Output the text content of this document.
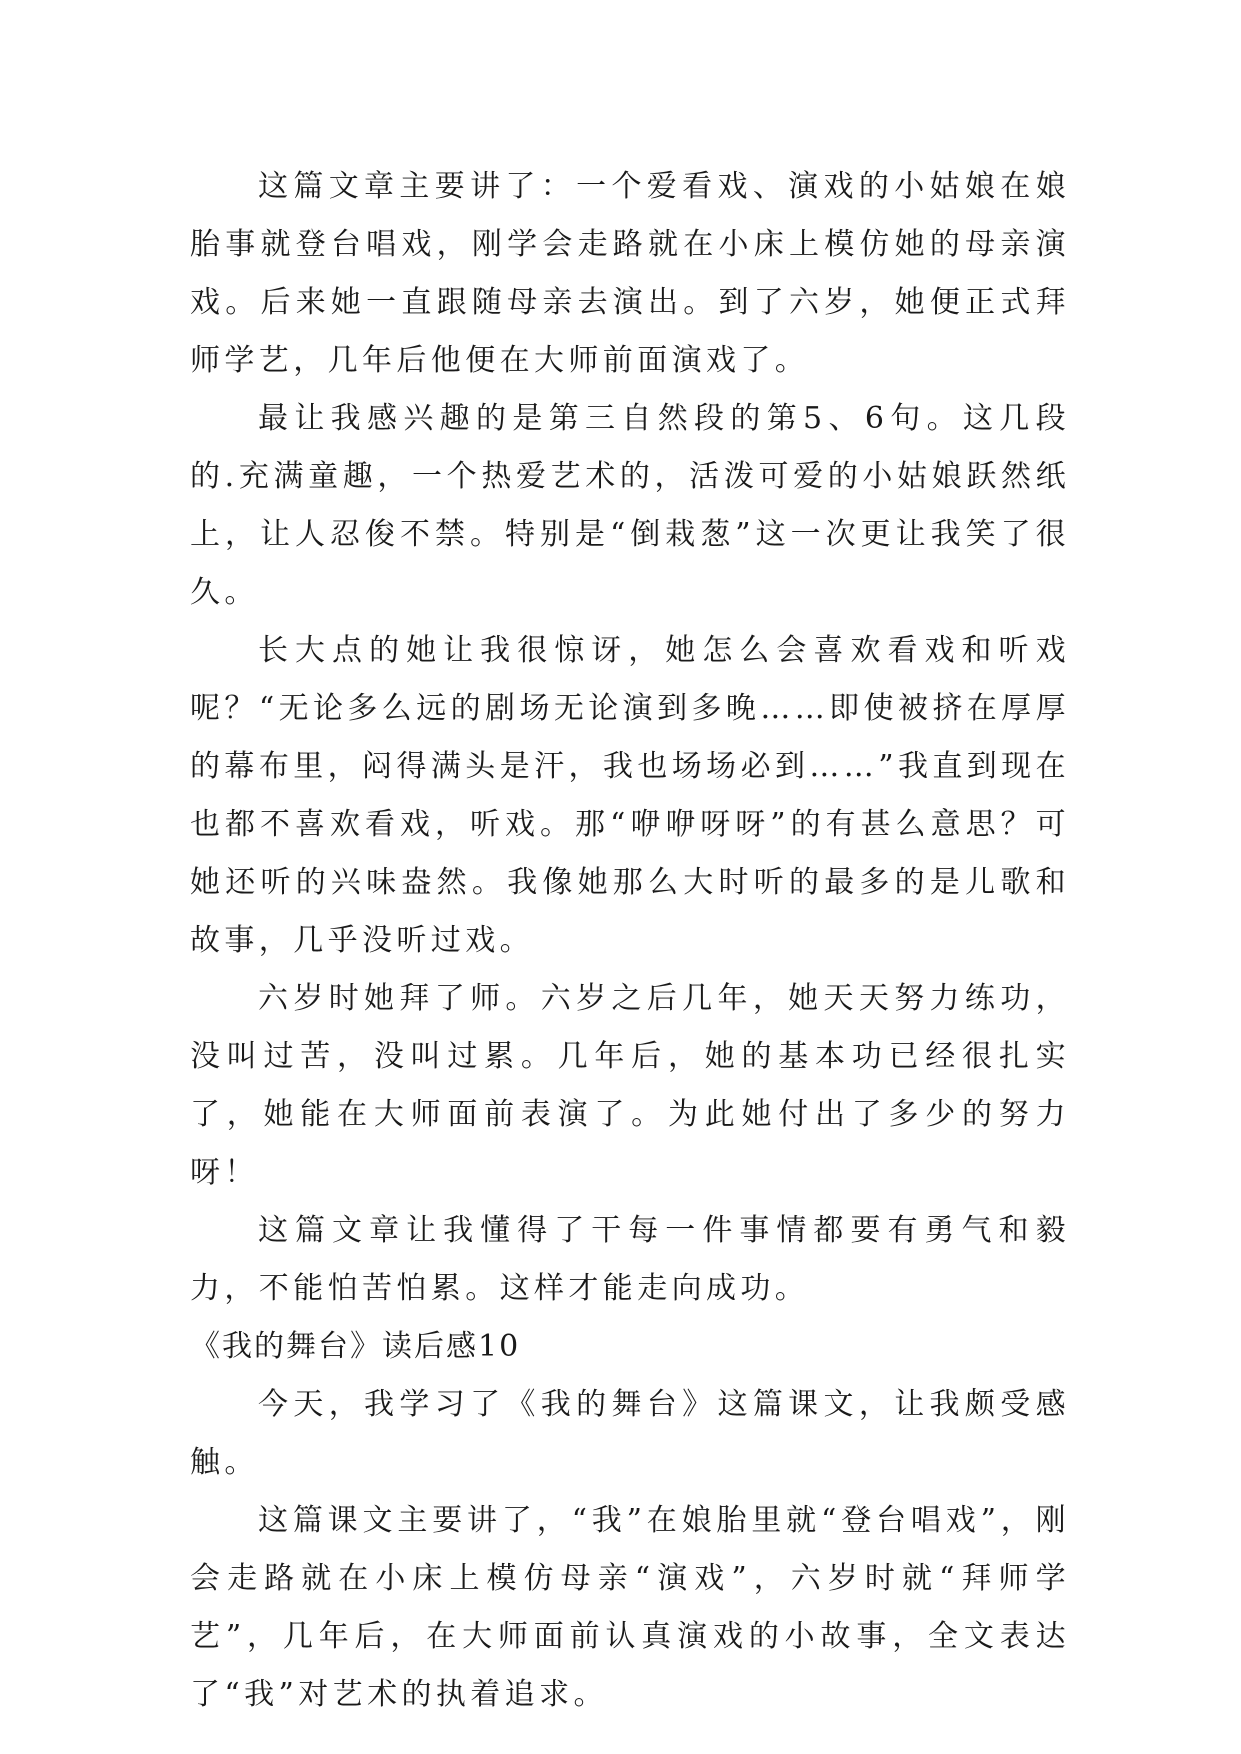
这篇文章主要讲了：一个爱看戏、演戏的小姑娘在娘胎事就登台唱戏，刚学会走路就在小床上模仿她的母亲演戏。后来她一直跟随母亲去演出。到了六岁，她便正式拜师学艺，几年后他便在大师前面演戏了。

最让我感兴趣的是第三自然段的第5、6句。这几段的.充满童趣，一个热爱艺术的，活泼可爱的小姑娘跃然纸上，让人忍俊不禁。特别是“倒栽葱”这一次更让我笑了很久。

长大点的她让我很惊讶，她怎么会喜欢看戏和听戏呢？“无论多么远的剧场无论演到多晚……即使被挤在厚厚的幕布里，闷得满头是汗，我也场场必到……”我直到现在也都不喜欢看戏，听戏。那“咿咿呀呀”的有甚么意思？可她还听的兴味盎然。我像她那么大时听的最多的是儿歌和故事，几乎没听过戏。

六岁时她拜了师。六岁之后几年，她天天努力练功，没叫过苦，没叫过累。几年后，她的基本功已经很扎实了，她能在大师面前表演了。为此她付出了多少的努力呀！

这篇文章让我懂得了干每一件事情都要有勇气和毅力，不能怕苦怕累。这样才能走向成功。

《我的舞台》读后感10

今天，我学习了《我的舞台》这篇课文，让我颇受感触。

这篇课文主要讲了，“我”在娘胎里就“登台唱戏”，刚会走路就在小床上模仿母亲“演戏”，六岁时就“拜师学艺”，几年后，在大师面前认真演戏的小故事，全文表达了“我”对艺术的执着追求。
